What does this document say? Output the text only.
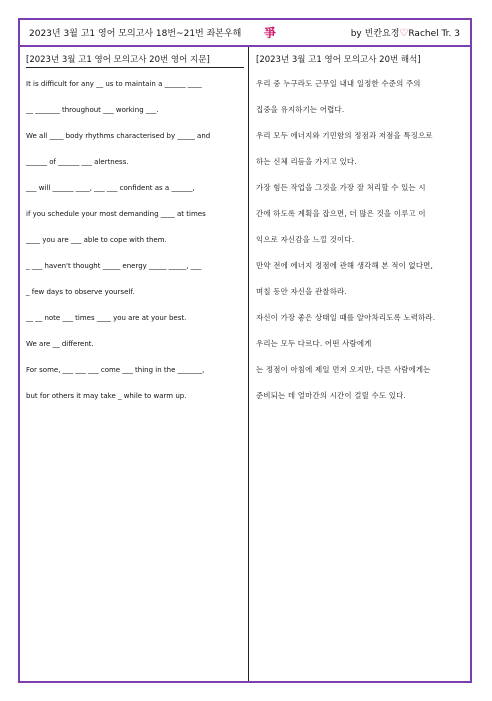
2023년 3월 고1 영어 모의고사 18번~21번 좌본우해 爭	by 빈칸요정♡Rachel Tr. 3
[2023년 3월 고1 영어 모의고사 20번 영어 지문]
It is difficult for any __ us to maintain a ______ ____
__ _______ throughout ___ working ___.
We all ____ body rhythms characterised by _____ and
______ of ______ ___ alertness.
___ will ______ ____, ___ ___ confident as a ______,
if you schedule your most demanding ____ at times
____ you are ___ able to cope with them.
_ ___ haven't thought _____ energy _____ _____, ___
_ few days to observe yourself.
__ __ note ___ times ____ you are at your best.
We are __ different.
For some, ___ ___ ___ come ___ thing in the _______,
but for others it may take _ while to warm up.
[2023년 3월 고1 영어 모의고사 20번 해석]
우리 중 누구라도 근무일 내내 일정한 수준의 주의
집중을 유지하기는 어렵다.
우리 모두 에너지와 기민함의 정점과 저점을 특징으로
하는 신체 리듬을 가지고 있다.
가장 힘든 작업을 그것을 가장 잘 처리할 수 있는 시
간에 하도록 계획을 잡으면, 더 많은 것을 이루고 이
익으로 자신감을 느낄 것이다.
만약 전에 에너지 정점에 관해 생각해 본 적이 없다면,
며칠 동안 자신을 관찰하라.
자신이 가장 좋은 상태일 때를 알아차리도록 노력하라.
우리는 모두 다르다. 어떤 사람에게
는 정점이 아침에 제일 먼저 오지만, 다른 사람에게는
준비되는 데 얼마간의 시간이 걸릴 수도 있다.
